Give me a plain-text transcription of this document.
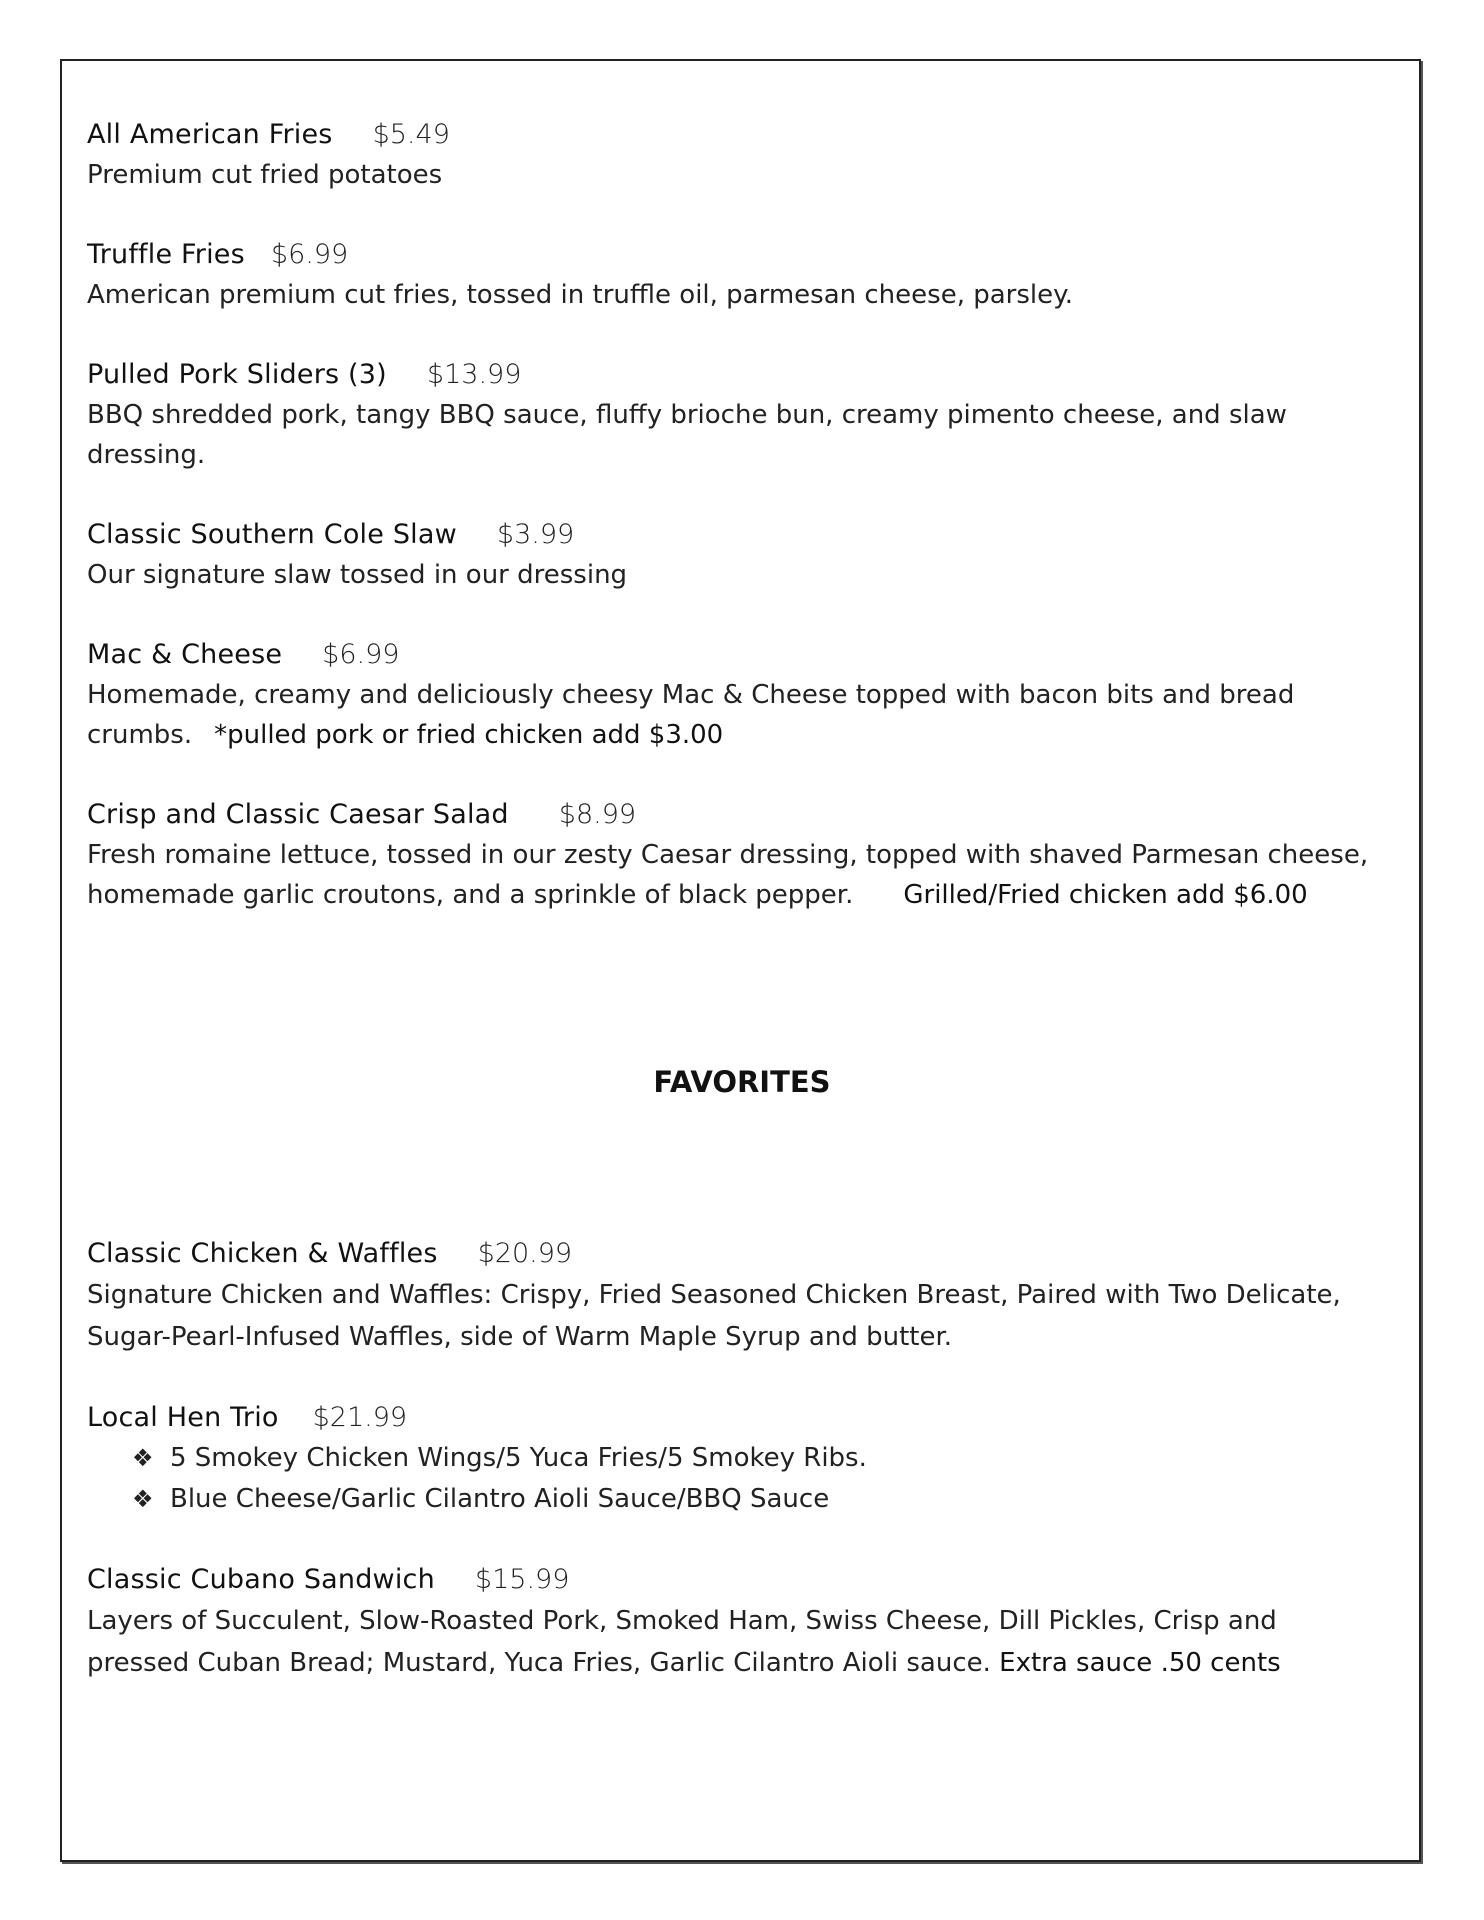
All American Fries $5.49
Premium cut fried potatoes
Truffle Fries $6.99
American premium cut fries, tossed in truffle oil, parmesan cheese, parsley.
Pulled Pork Sliders (3) $13.99
BBQ shredded pork, tangy BBQ sauce, fluffy brioche bun, creamy pimento cheese, and slaw dressing.
Classic Southern Cole Slaw $3.99
Our signature slaw tossed in our dressing
Mac & Cheese $6.99
Homemade, creamy and deliciously cheesy Mac & Cheese topped with bacon bits and bread crumbs. *pulled pork or fried chicken add $3.00
Crisp and Classic Caesar Salad $8.99
Fresh romaine lettuce, tossed in our zesty Caesar dressing, topped with shaved Parmesan cheese, homemade garlic croutons, and a sprinkle of black pepper. Grilled/Fried chicken add $6.00
FAVORITES
Classic Chicken & Waffles $20.99
Signature Chicken and Waffles: Crispy, Fried Seasoned Chicken Breast, Paired with Two Delicate, Sugar-Pearl-Infused Waffles, side of Warm Maple Syrup and butter.
Local Hen Trio $21.99
❖ 5 Smokey Chicken Wings/5 Yuca Fries/5 Smokey Ribs.
❖ Blue Cheese/Garlic Cilantro Aioli Sauce/BBQ Sauce
Classic Cubano Sandwich $15.99
Layers of Succulent, Slow-Roasted Pork, Smoked Ham, Swiss Cheese, Dill Pickles, Crisp and pressed Cuban Bread; Mustard, Yuca Fries, Garlic Cilantro Aioli sauce. Extra sauce .50 cents
